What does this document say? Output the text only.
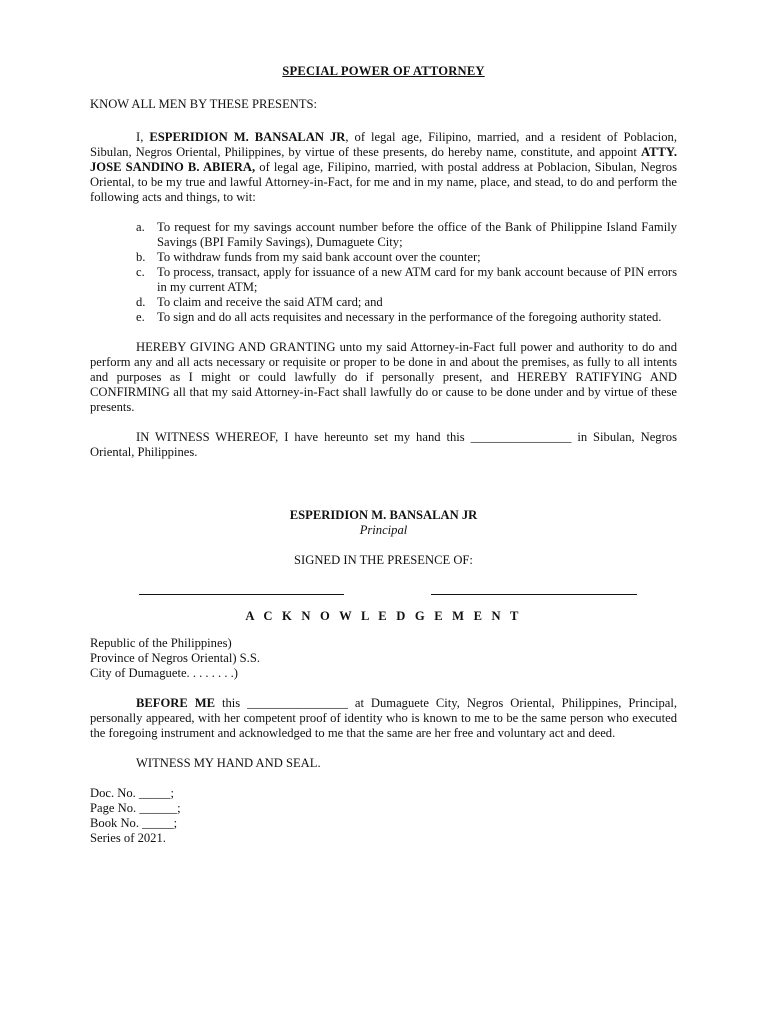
SPECIAL POWER OF ATTORNEY
KNOW ALL MEN BY THESE PRESENTS:

I, ESPERIDION M. BANSALAN JR, of legal age, Filipino, married, and a resident of Poblacion, Sibulan, Negros Oriental, Philippines, by virtue of these presents, do hereby name, constitute, and appoint ATTY. JOSE SANDINO B. ABIERA, of legal age, Filipino, married, with postal address at Poblacion, Sibulan, Negros Oriental, to be my true and lawful Attorney-in-Fact, for me and in my name, place, and stead, to do and perform the following acts and things, to wit:

a. To request for my savings account number before the office of the Bank of Philippine Island Family Savings (BPI Family Savings), Dumaguete City;
b. To withdraw funds from my said bank account over the counter;
c. To process, transact, apply for issuance of a new ATM card for my bank account because of PIN errors in my current ATM;
d. To claim and receive the said ATM card; and
e. To sign and do all acts requisites and necessary in the performance of the foregoing authority stated.

HEREBY GIVING AND GRANTING unto my said Attorney-in-Fact full power and authority to do and perform any and all acts necessary or requisite or proper to be done in and about the premises, as fully to all intents and purposes as I might or could lawfully do if personally present, and HEREBY RATIFYING AND CONFIRMING all that my said Attorney-in-Fact shall lawfully do or cause to be done under and by virtue of these presents.

IN WITNESS WHEREOF, I have hereunto set my hand this ________________ in Sibulan, Negros Oriental, Philippines.

ESPERIDION M. BANSALAN JR
Principal
SIGNED IN THE PRESENCE OF:
A C K N O W L E D G E M E N T
Republic of the Philippines)
Province of Negros Oriental) S.S.
City of Dumaguete. . . . . . . .)

BEFORE ME this ________________ at Dumaguete City, Negros Oriental, Philippines, Principal, personally appeared, with her competent proof of identity who is known to me to be the same person who executed the foregoing instrument and acknowledged to me that the same are her free and voluntary act and deed.

WITNESS MY HAND AND SEAL.
Doc. No. _____;
Page No. ______;
Book No. _____;
Series of 2021.
